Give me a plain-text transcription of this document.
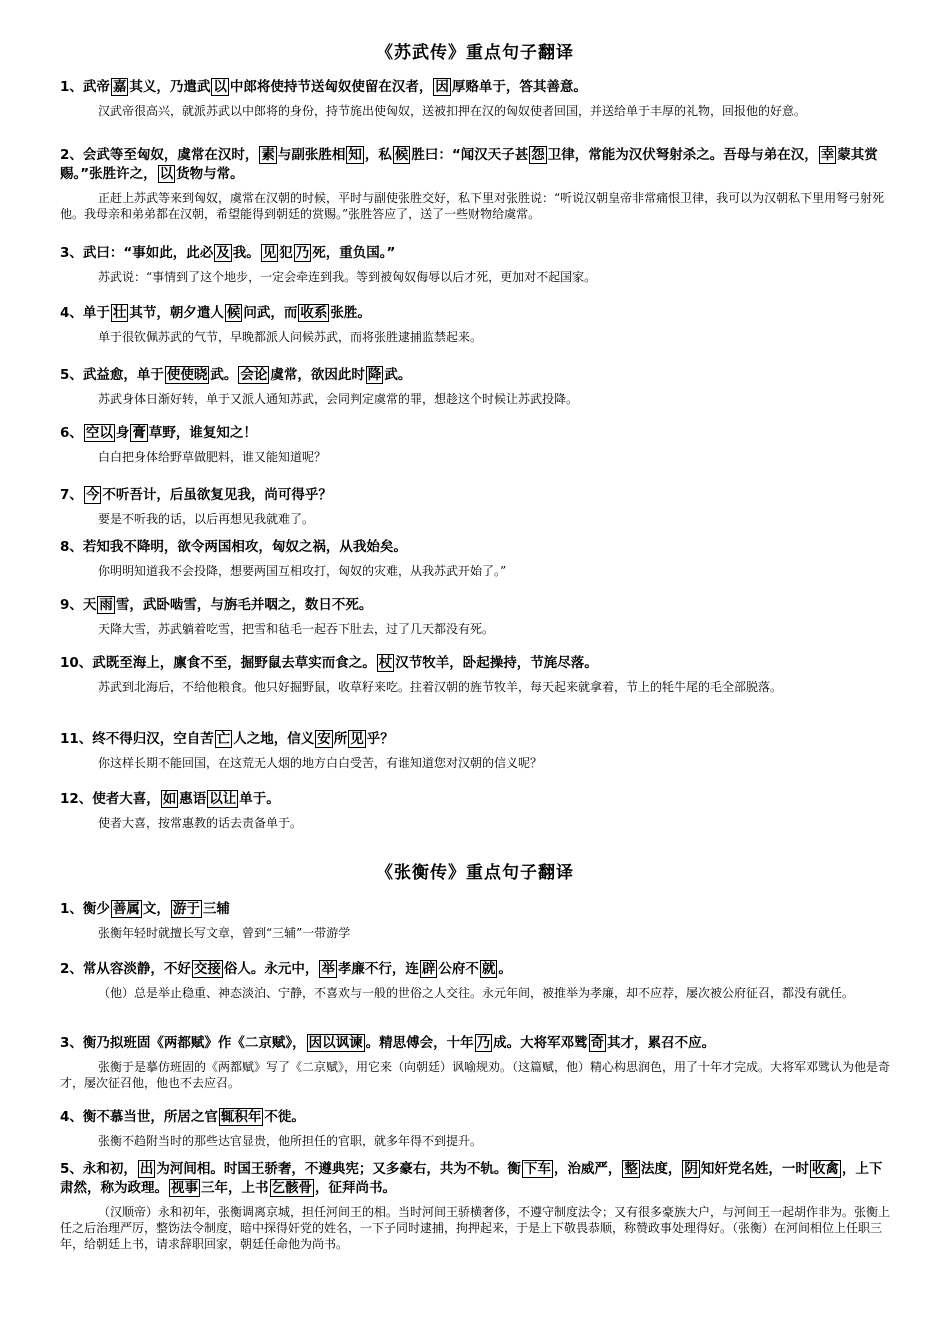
《苏武传》重点句子翻译
1、武帝 嘉 其义，乃遣武 以 中郎将使持节送匈奴使留在汉者， 因 厚赂单于，答其善意。
汉武帝很高兴，就派苏武以中郎将的身份，持节旄出使匈奴，送被扣押在汉的匈奴使者回国，并送给单于丰厚的礼物，回报他的好意。
2、会武等至匈奴，虞常在汉时， 素 与副张胜相 知 ，私 候 胜曰：“闻汉天子甚 怨 卫律，常能为汉伏弩射杀之。吾母与弟在汉， 幸 蒙其赏赐。”张胜许之， 以 货物与常。
正赶上苏武等来到匈奴，虞常在汉朝的时候，平时与副使张胜交好，私下里对张胜说：“听说汉朝皇帝非常痛恨卫律，我可以为汉朝私下里用弩弓射死他。我母亲和弟弟都在汉朝，希望能得到朝廷的赏赐。”张胜答应了，送了一些财物给虞常。
3、武曰：“事如此，此必 及 我。 见 犯 乃 死，重负国。”
苏武说：“事情到了这个地步，一定会牵连到我。等到被匈奴侮辱以后才死，更加对不起国家。
4、单于 壮 其节，朝夕遣人 候 问武，而 收系 张胜。
单于很钦佩苏武的气节，早晚都派人问候苏武，而将张胜逮捕监禁起来。
5、武益愈，单于 使使晓 武。 会论 虞常，欲因此时 降 武。
苏武身体日渐好转，单于又派人通知苏武，会同判定虞常的罪，想趁这个时候让苏武投降。
6、 空以 身 膏 草野，谁复知之！
白白把身体给野草做肥料，谁又能知道呢？
7、 今 不听吾计，后虽欲复见我，尚可得乎？
要是不听我的话，以后再想见我就难了。
8、若知我不降明，欲令两国相攻，匈奴之祸，从我始矣。
你明明知道我不会投降，想要两国互相攻打，匈奴的灾难，从我苏武开始了。”
9、天 雨 雪，武卧啮雪，与旃毛并咽之，数日不死。
天降大雪，苏武躺着吃雪，把雪和毡毛一起吞下肚去，过了几天都没有死。
10、武既至海上，廪食不至，掘野鼠去草实而食之。 杖 汉节牧羊，卧起操持，节旄尽落。
苏武到北海后，不给他粮食。他只好掘野鼠，收草籽来吃。拄着汉朝的旌节牧羊，每天起来就拿着，节上的牦牛尾的毛全部脱落。
11、终不得归汉，空自苦 亡 人之地，信义 安 所 见 乎？
你这样长期不能回国，在这荒无人烟的地方白白受苦，有谁知道您对汉朝的信义呢？
12、使者大喜， 如 惠语 以让 单于。
使者大喜，按常惠教的话去责备单于。
《张衡传》重点句子翻译
1、衡少 善属 文， 游于 三辅
张衡年轻时就擅长写文章，曾到“三辅”一带游学
2、常从容淡静，不好 交接 俗人。永元中， 举 孝廉不行，连 辟 公府不 就 。
（他）总是举止稳重、神态淡泊、宁静，不喜欢与一般的世俗之人交往。永元年间，被推举为孝廉，却不应荐，屡次被公府征召，都没有就任。
3、衡乃拟班固《两都赋》作《二京赋》， 因以讽谏 。精思傅会，十年 乃 成。大将军邓骘 奇 其才，累召不应。
张衡于是摹仿班固的《两都赋》写了《二京赋》，用它来（向朝廷）讽喻规劝。（这篇赋，他）精心构思润色，用了十年才完成。大将军邓骘认为他是奇才，屡次征召他，他也不去应召。
4、衡不慕当世，所居之官 辄积年 不徙。
张衡不趋附当时的那些达官显贵，他所担任的官职，就多年得不到提升。
5、永和初， 出 为河间相。时国王骄奢，不遵典宪；又多豪右，共为不轨。衡 下车 ，治威严， 整 法度， 阴 知奸党名姓，一时 收禽 ，上下肃然，称为政理。 视事 三年，上书 乞骸骨 ，征拜尚书。
（汉顺帝）永和初年，张衡调离京城，担任河间王的相。当时河间王骄横奢侈，不遵守制度法令；又有很多豪族大户，与河间王一起胡作非为。张衡上任之后治理严厉，整饬法令制度，暗中探得奸党的姓名，一下子同时逮捕，拘押起来，于是上下敬畏恭顺，称赞政事处理得好。（张衡）在河间相位上任职三年，给朝廷上书，请求辞职回家，朝廷任命他为尚书。
